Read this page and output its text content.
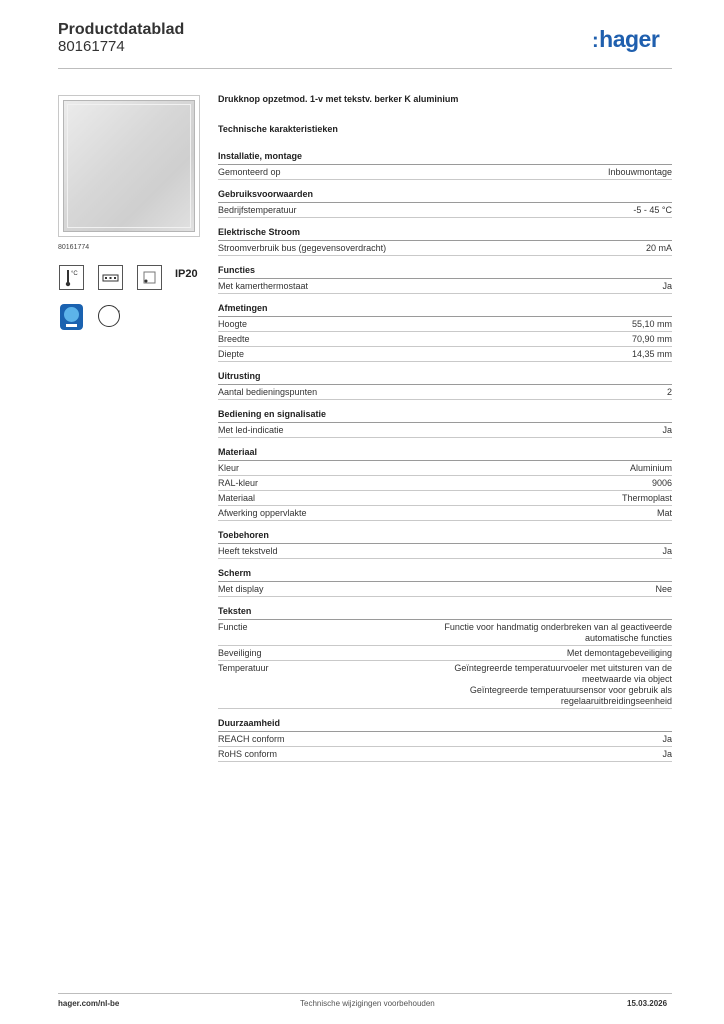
Productdatablad
80161774	:hager
80161774
°C	IP20
″
Drukknop opzetmod. 1-v met tekstv. berker K aluminium
Technische karakteristieken
Installatie, montage
Gemonteerd op	Inbouwmontage
Gebruiksvoorwaarden
Bedrijfstemperatuur	-5 - 45 °C
Elektrische Stroom
Stroomverbruik bus (gegevensoverdracht)	20 mA
Functies
Met kamerthermostaat	Ja
Afmetingen
Hoogte	55,10 mm
Breedte	70,90 mm
Diepte	14,35 mm
Uitrusting
Aantal bedieningspunten	2
Bediening en signalisatie
Met led-indicatie	Ja
Materiaal
Kleur	Aluminium
RAL-kleur	9006
Materiaal	Thermoplast
Afwerking oppervlakte	Mat
Toebehoren
Heeft tekstveld	Ja
Scherm
Met display	Nee
Teksten
Functie	Functie voor handmatig onderbreken van al geactiveerde
automatische functies
Beveiliging	Met demontagebeveiliging
Temperatuur	Geïntegreerde temperatuurvoeler met uitsturen van de
meetwaarde via object
Geïntegreerde temperatuursensor voor gebruik als
regelaaruitbreidingseenheid
Duurzaamheid
REACH conform	Ja
RoHS conform	Ja
hager.com/nl-be	Technische wijzigingen voorbehouden	15.03.2026
